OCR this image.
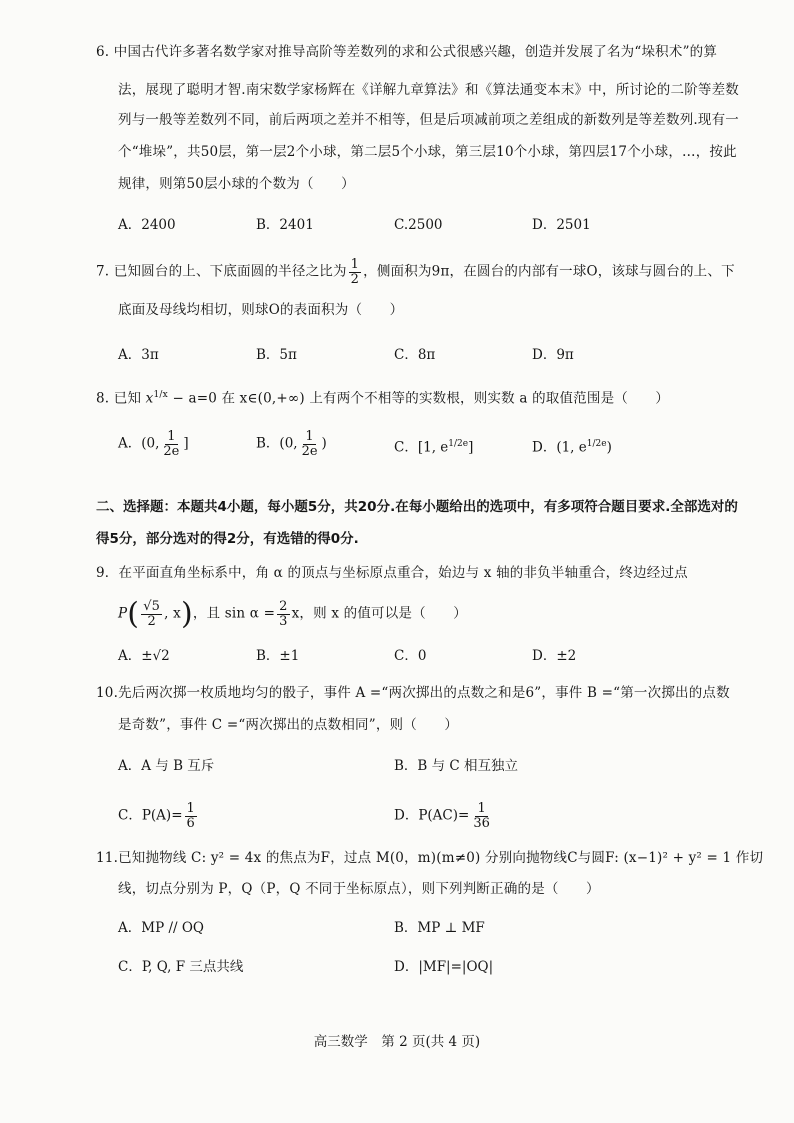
6. 中国古代许多著名数学家对推导高阶等差数列的求和公式很感兴趣，创造并发展了名为“垛积术”的算
法，展现了聪明才智.南宋数学家杨辉在《详解九章算法》和《算法通变本末》中，所讨论的二阶等差数
列与一般等差数列不同，前后两项之差并不相等，但是后项减前项之差组成的新数列是等差数列.现有一
个“堆垛”，共50层，第一层2个小球，第二层5个小球，第三层10个小球，第四层17个小球，…，按此
规律，则第50层小球的个数为（　　）
A．2400	B．2401	C.2500	D．2501
7. 已知圆台的上、下底面圆的半径之比为 $\frac{1}{2}$ ，侧面积为9π，在圆台的内部有一球O，该球与圆台的上、下
底面及母线均相切，则球O的表面积为（　　）
A．3π	B．5π	C．8π	D．9π
8. 已知 $x^{1/x} - a=0$ 在 x∈(0,+∞) 上有两个不相等的实数根，则实数 a 的取值范围是（　　）
A．(0, $\frac{1}{2e}$ ]	B．(0, $\frac{1}{2e}$ )	C．[1, $e^{1/2e}$]	D．(1, $e^{1/2e}$)
二、选择题：本题共4小题，每小题5分，共20分.在每小题给出的选项中，有多项符合题目要求.全部选对的
得5分，部分选对的得2分，有选错的得0分.
9．在平面直角坐标系中，角 α 的顶点与坐标原点重合，始边与 x 轴的非负半轴重合，终边经过点
$P( \frac{√5}{2}$ , x)，且 $\sin \alpha = \frac{2}{3}$ x，则 x 的值可以是（　　）
A．±√2	B．±1	C．0	D．±2
10.先后两次掷一枚质地均匀的骰子，事件 A =“两次掷出的点数之和是6”，事件 B =“第一次掷出的点数
是奇数”，事件 C =“两次掷出的点数相同”，则（　　）
A．A 与 B 互斥	B．B 与 C 相互独立
C．$P(A)= \frac{1}{6}$	D．$P(AC)= \frac{1}{36}$
11.已知抛物线 C: y² = 4x 的焦点为F，过点 M(0，m)(m≠0) 分别向抛物线C与圆F: (x−1)² + y² = 1 作切
线，切点分别为 P，Q（P，Q 不同于坐标原点），则下列判断正确的是（　　）
A．MP // OQ	B．MP ⊥ MF
C．P, Q, F 三点共线	D．|MF|=|OQ|
高三数学　第 2 页(共 4 页)
